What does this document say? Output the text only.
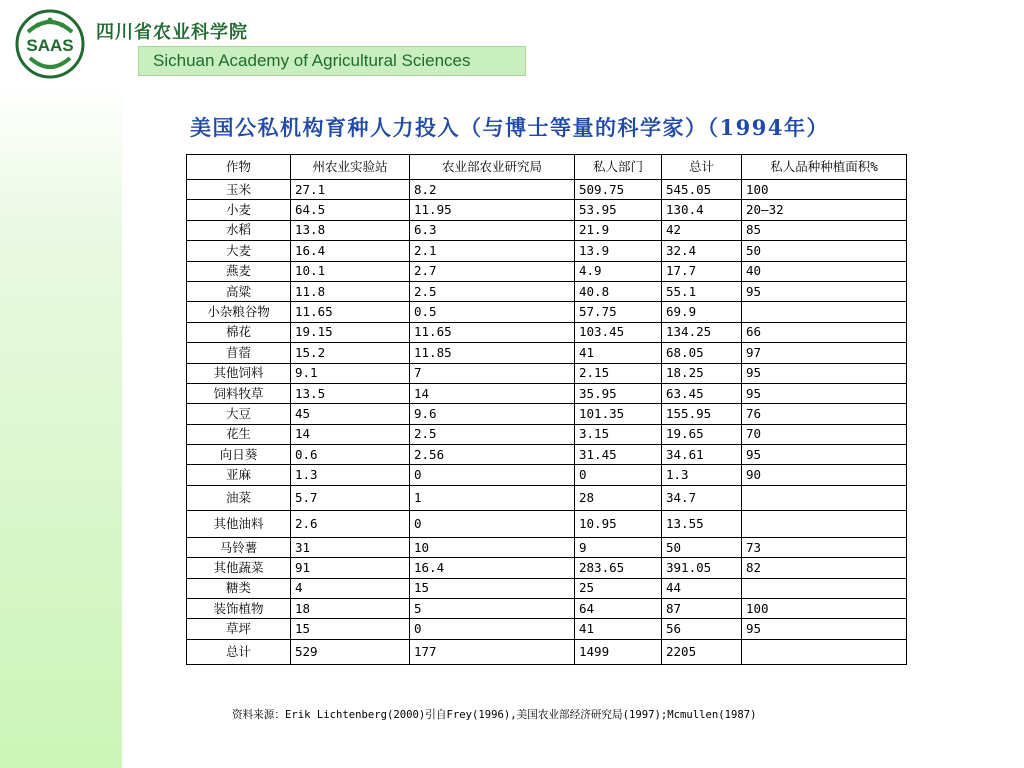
SAAS
四川省农业科学院
Sichuan Academy of Agricultural Sciences
美国公私机构育种人力投入（与博士等量的科学家）（1994年）
作物	州农业实验站	农业部农业研究局	私人部门	总计	私人品种种植面积%
玉米	27.1	8.2	509.75	545.05	100
小麦	64.5	11.95	53.95	130.4	20—32
水稻	13.8	6.3	21.9	42	85
大麦	16.4	2.1	13.9	32.4	50
燕麦	10.1	2.7	4.9	17.7	40
高粱	11.8	2.5	40.8	55.1	95
小杂粮谷物	11.65	0.5	57.75	69.9	
棉花	19.15	11.65	103.45	134.25	66
苜蓿	15.2	11.85	41	68.05	97
其他饲料	9.1	7	2.15	18.25	95
饲料牧草	13.5	14	35.95	63.45	95
大豆	45	9.6	101.35	155.95	76
花生	14	2.5	3.15	19.65	70
向日葵	0.6	2.56	31.45	34.61	95
亚麻	1.3	0	0	1.3	90
油菜	5.7	1	28	34.7	
其他油料	2.6	0	10.95	13.55	
马铃薯	31	10	9	50	73
其他蔬菜	91	16.4	283.65	391.05	82
糖类	4	15	25	44	
装饰植物	18	5	64	87	100
草坪	15	0	41	56	95
总计	529	177	1499	2205	
资料来源：Erik Lichtenberg(2000)引自Frey(1996),美国农业部经济研究局(1997);Mcmullen(1987)
